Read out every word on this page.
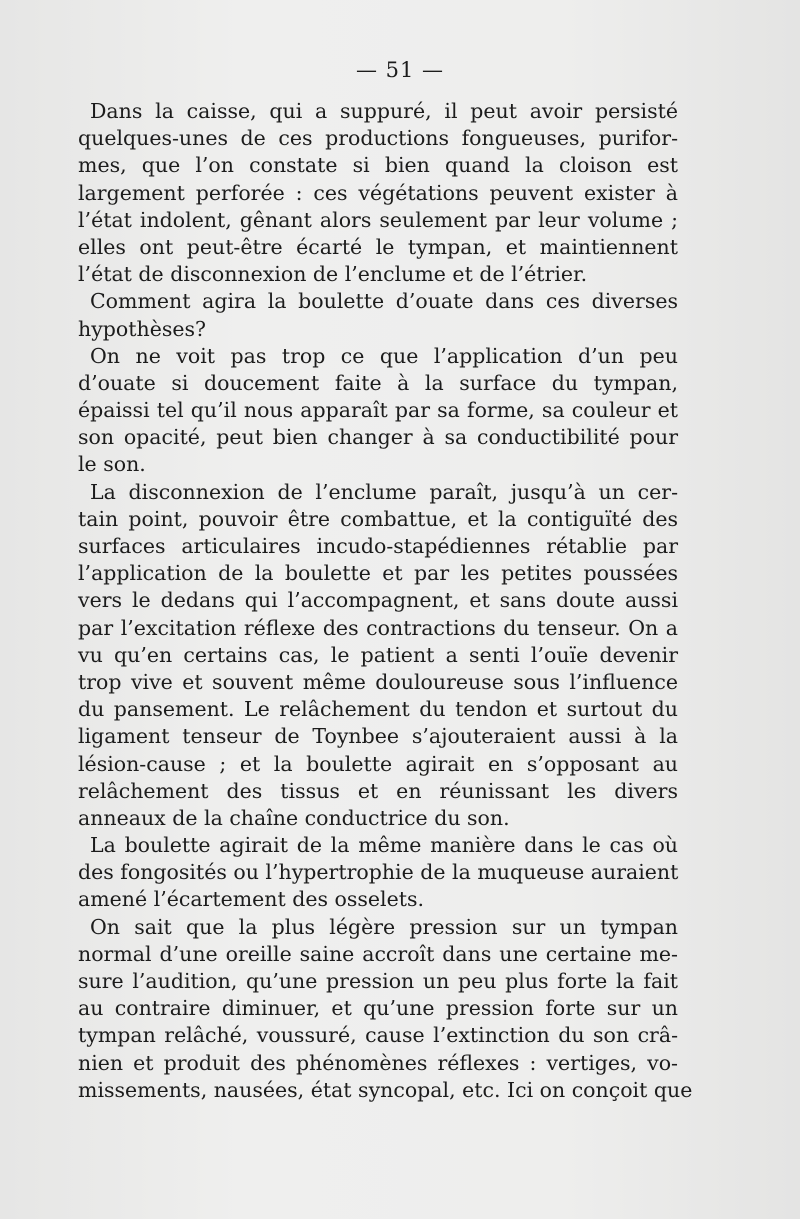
— 51 —
Dans la caisse, qui a suppuré, il peut avoir persisté
quelques-unes de ces productions fongueuses, purifor-
mes, que l’on constate si bien quand la cloison est
largement perforée : ces végétations peuvent exister à
l’état indolent, gênant alors seulement par leur volume ;
elles ont peut-être écarté le tympan, et maintiennent
l’état de disconnexion de l’enclume et de l’étrier.
Comment agira la boulette d’ouate dans ces diverses
hypothèses?
On ne voit pas trop ce que l’application d’un peu
d’ouate si doucement faite à la surface du tympan,
épaissi tel qu’il nous apparaît par sa forme, sa couleur et
son opacité, peut bien changer à sa conductibilité pour
le son.
La disconnexion de l’enclume paraît, jusqu’à un cer-
tain point, pouvoir être combattue, et la contiguïté des
surfaces articulaires incudo-stapédiennes rétablie par
l’application de la boulette et par les petites poussées
vers le dedans qui l’accompagnent, et sans doute aussi
par l’excitation réflexe des contractions du tenseur. On a
vu qu’en certains cas, le patient a senti l’ouïe devenir
trop vive et souvent même douloureuse sous l’influence
du pansement. Le relâchement du tendon et surtout du
ligament tenseur de Toynbee s’ajouteraient aussi à la
lésion-cause ; et la boulette agirait en s’opposant au
relâchement des tissus et en réunissant les divers
anneaux de la chaîne conductrice du son.
La boulette agirait de la même manière dans le cas où
des fongosités ou l’hypertrophie de la muqueuse auraient
amené l’écartement des osselets.
On sait que la plus légère pression sur un tympan
normal d’une oreille saine accroît dans une certaine me-
sure l’audition, qu’une pression un peu plus forte la fait
au contraire diminuer, et qu’une pression forte sur un
tympan relâché, voussuré, cause l’extinction du son crâ-
nien et produit des phénomènes réflexes : vertiges, vo-
missements, nausées, état syncopal, etc. Ici on conçoit que
